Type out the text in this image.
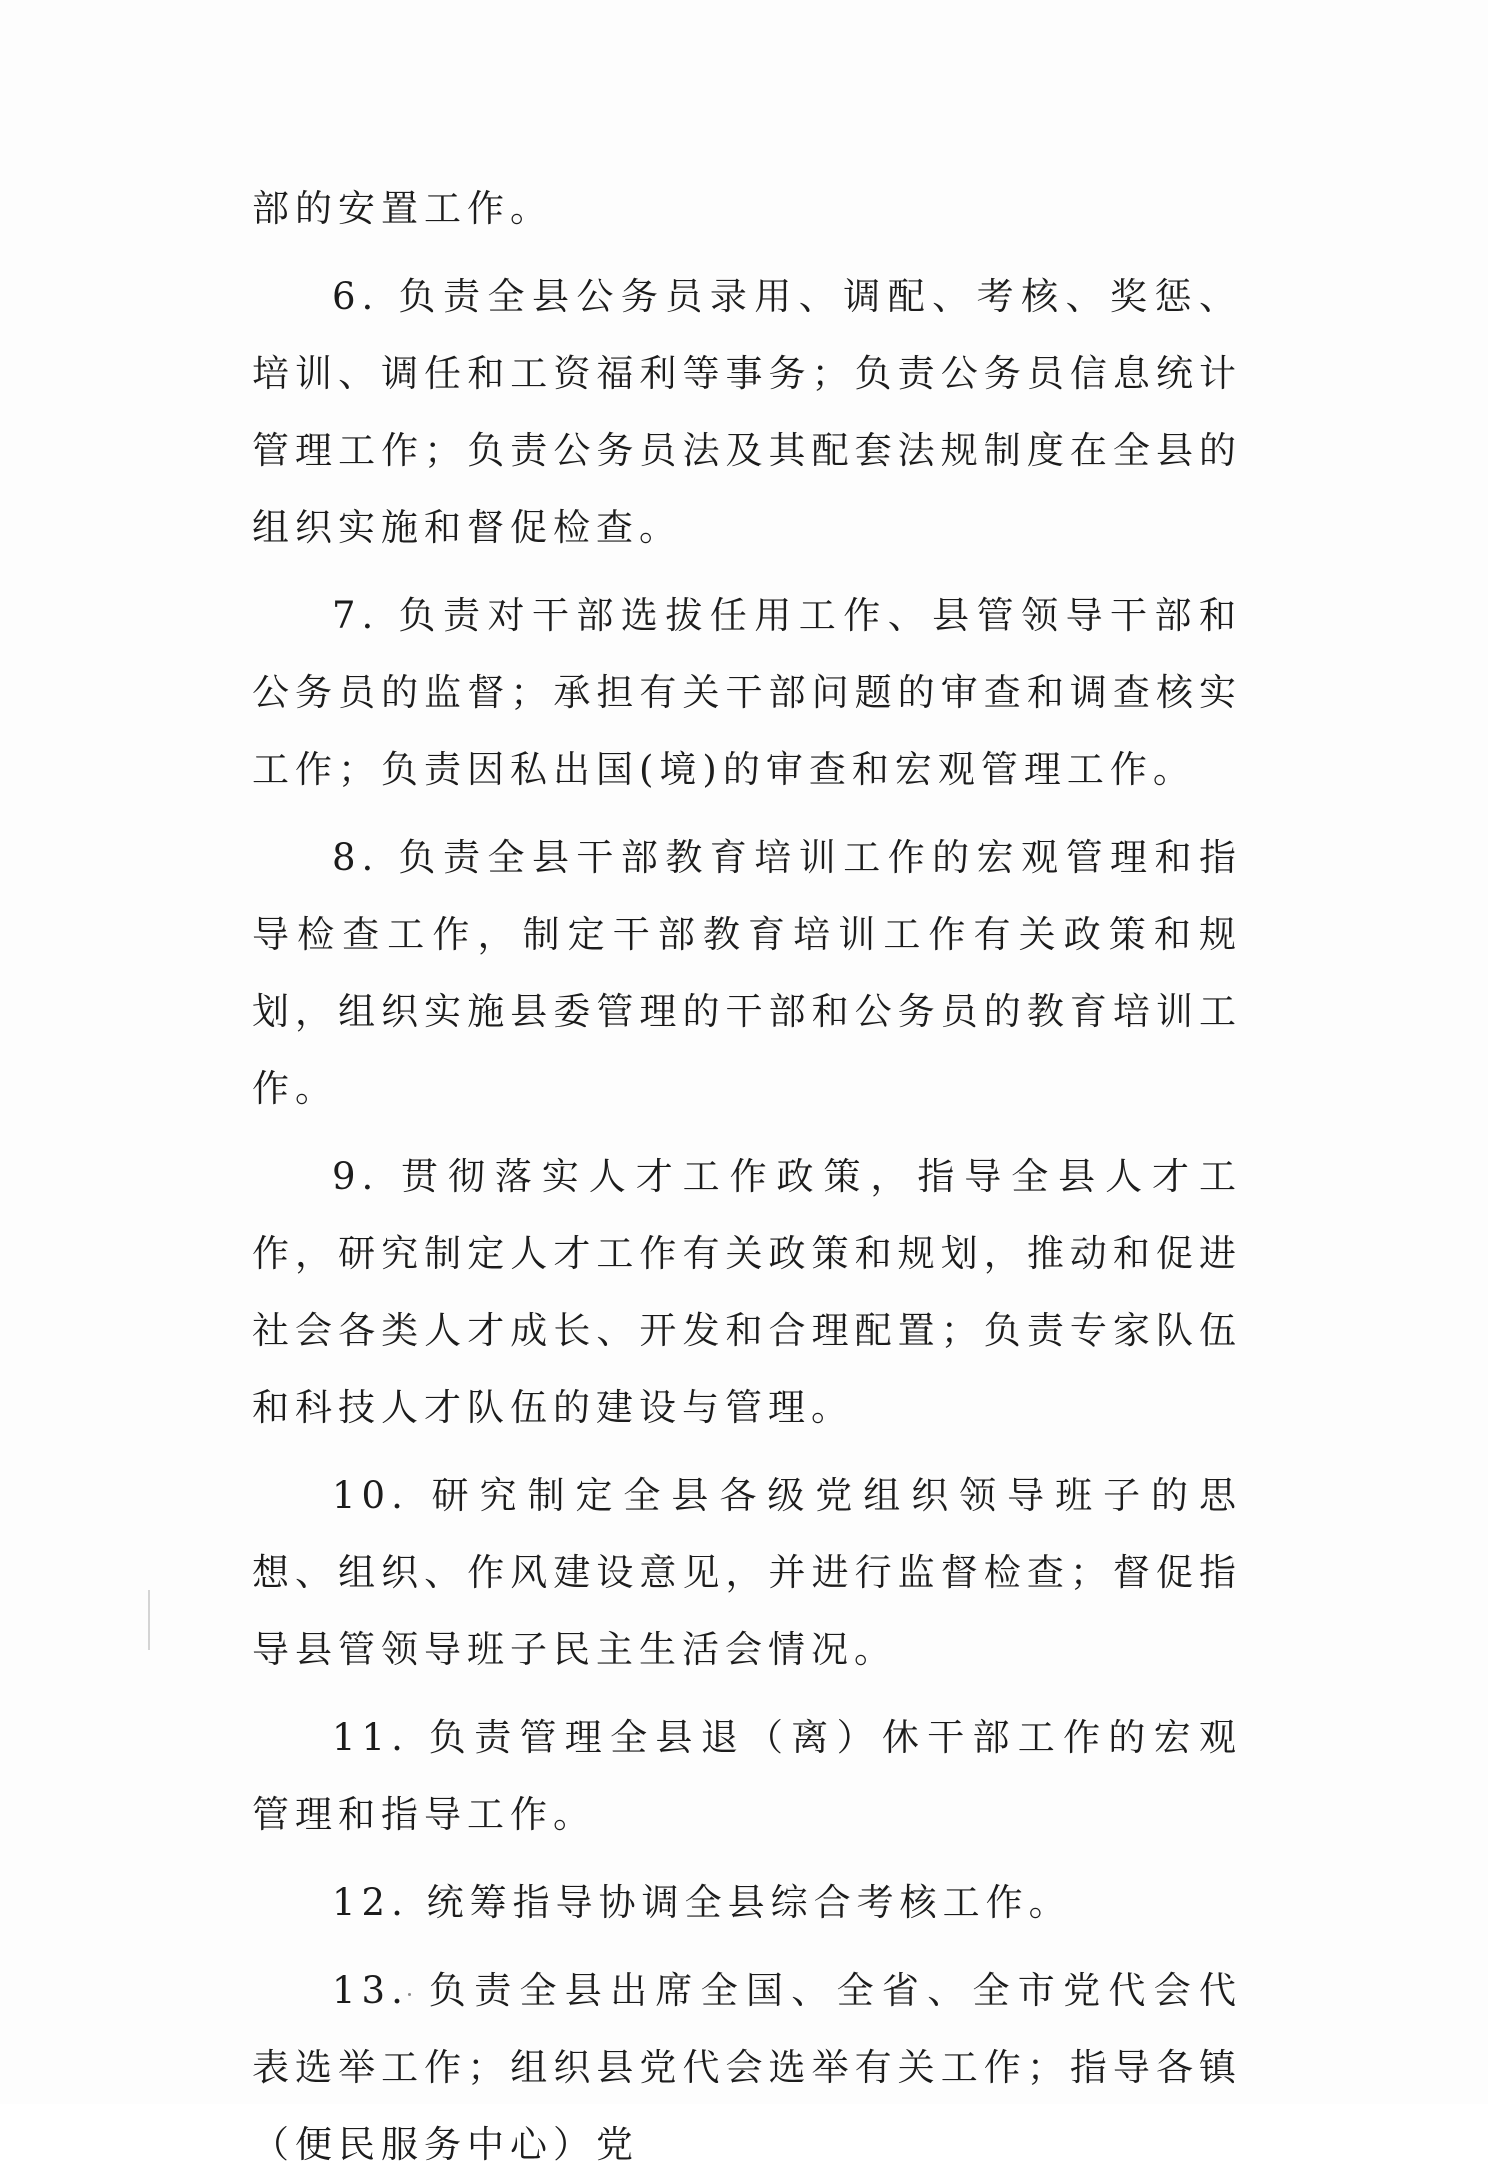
部的安置工作。

6. 负责全县公务员录用、调配、考核、奖惩、培训、调任和工资福利等事务；负责公务员信息统计管理工作；负责公务员法及其配套法规制度在全县的组织实施和督促检查。

7. 负责对干部选拔任用工作、县管领导干部和公务员的监督；承担有关干部问题的审查和调查核实工作；负责因私出国(境)的审查和宏观管理工作。

8. 负责全县干部教育培训工作的宏观管理和指导检查工作，制定干部教育培训工作有关政策和规划，组织实施县委管理的干部和公务员的教育培训工作。

9. 贯彻落实人才工作政策，指导全县人才工作，研究制定人才工作有关政策和规划，推动和促进社会各类人才成长、开发和合理配置；负责专家队伍和科技人才队伍的建设与管理。

10. 研究制定全县各级党组织领导班子的思想、组织、作风建设意见，并进行监督检查；督促指导县管领导班子民主生活会情况。

11. 负责管理全县退（离）休干部工作的宏观管理和指导工作。

12. 统筹指导协调全县综合考核工作。

13. 负责全县出席全国、全省、全市党代会代表选举工作；组织县党代会选举有关工作；指导各镇（便民服务中心）党
